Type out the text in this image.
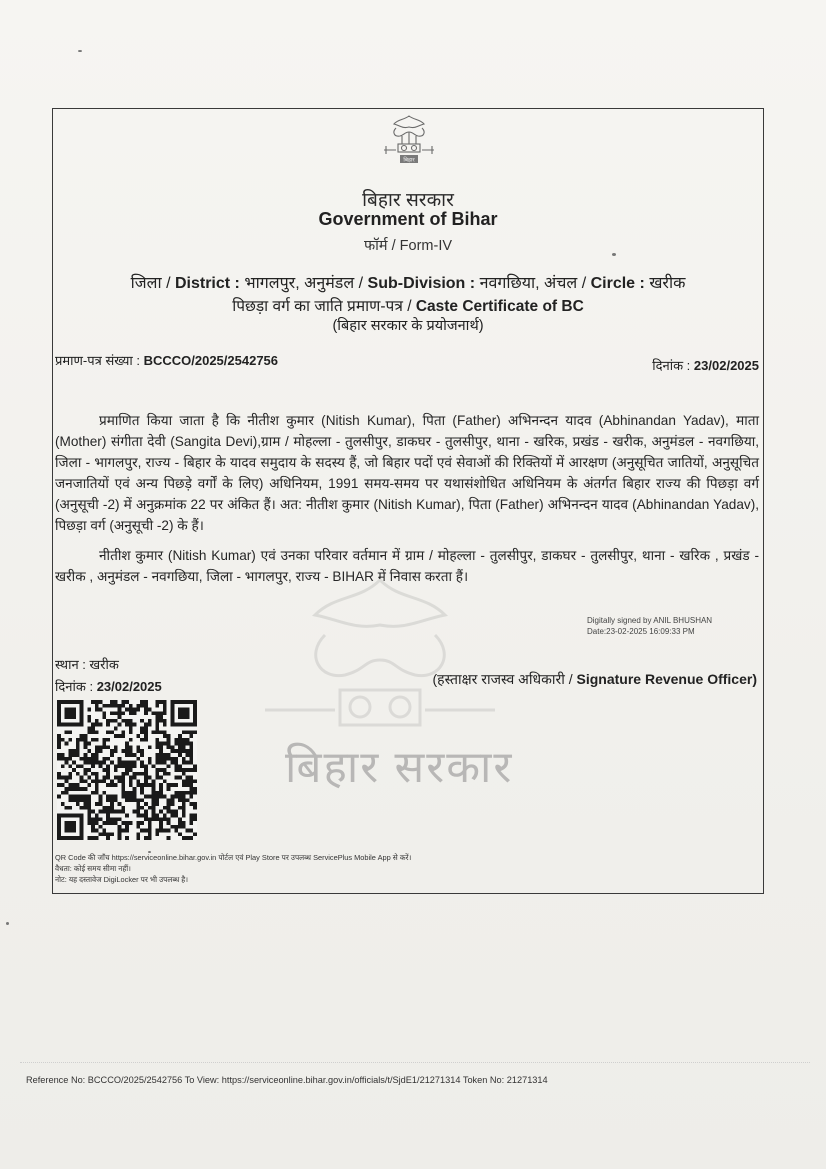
बिहार
बिहार सरकार
बिहार सरकार
Government of Bihar
फॉर्म / Form-IV
जिला / District : भागलपुर, अनुमंडल / Sub-Division : नवगछिया, अंचल / Circle : खरीक
पिछड़ा वर्ग का जाति प्रमाण-पत्र / Caste Certificate of BC
(बिहार सरकार के प्रयोजनार्थ)
प्रमाण-पत्र संख्या : BCCCO/2025/2542756	दिनांक : 23/02/2025
प्रमाणित किया जाता है कि नीतीश कुमार (Nitish Kumar), पिता (Father) अभिनन्दन यादव (Abhinandan Yadav), माता (Mother) संगीता देवी (Sangita Devi),ग्राम / मोहल्ला - तुलसीपुर, डाकघर - तुलसीपुर, थाना - खरिक, प्रखंड - खरीक, अनुमंडल - नवगछिया, जिला - भागलपुर, राज्य - बिहार के यादव समुदाय के सदस्य हैं, जो बिहार पदों एवं सेवाओं की रिक्तियों में आरक्षण (अनुसूचित जातियों, अनुसूचित जनजातियों एवं अन्य पिछड़े वर्गों के लिए) अधिनियम, 1991 समय-समय पर यथासंशोधित अधिनियम के अंतर्गत बिहार राज्य की पिछड़ा वर्ग (अनुसूची -2) में अनुक्रमांक 22 पर अंकित हैं। अत: नीतीश कुमार (Nitish Kumar), पिता (Father) अभिनन्दन यादव (Abhinandan Yadav), पिछड़ा वर्ग (अनुसूची -2) के हैं।
नीतीश कुमार (Nitish Kumar) एवं उनका परिवार वर्तमान में ग्राम / मोहल्ला - तुलसीपुर, डाकघर - तुलसीपुर, थाना - खरिक , प्रखंड - खरीक , अनुमंडल - नवगछिया, जिला - भागलपुर, राज्य - BIHAR में निवास करता हैं।
Digitally signed by ANIL BHUSHAN
Date:23-02-2025 16:09:33 PM
स्थान : खरीक
दिनांक : 23/02/2025	(हस्ताक्षर राजस्व अधिकारी / Signature Revenue Officer)
QR Code की जाँच https://serviceonline.bihar.gov.in पोर्टल एवं Play Store पर उपलब्ध ServicePlus Mobile App से करें।
वैधता: कोई समय सीमा नहीं।
नोट: यह दस्तावेज DigiLocker पर भी उपलब्ध है।
Reference No: BCCCO/2025/2542756 To View: https://serviceonline.bihar.gov.in/officials/t/SjdE1/21271314 Token No: 21271314
